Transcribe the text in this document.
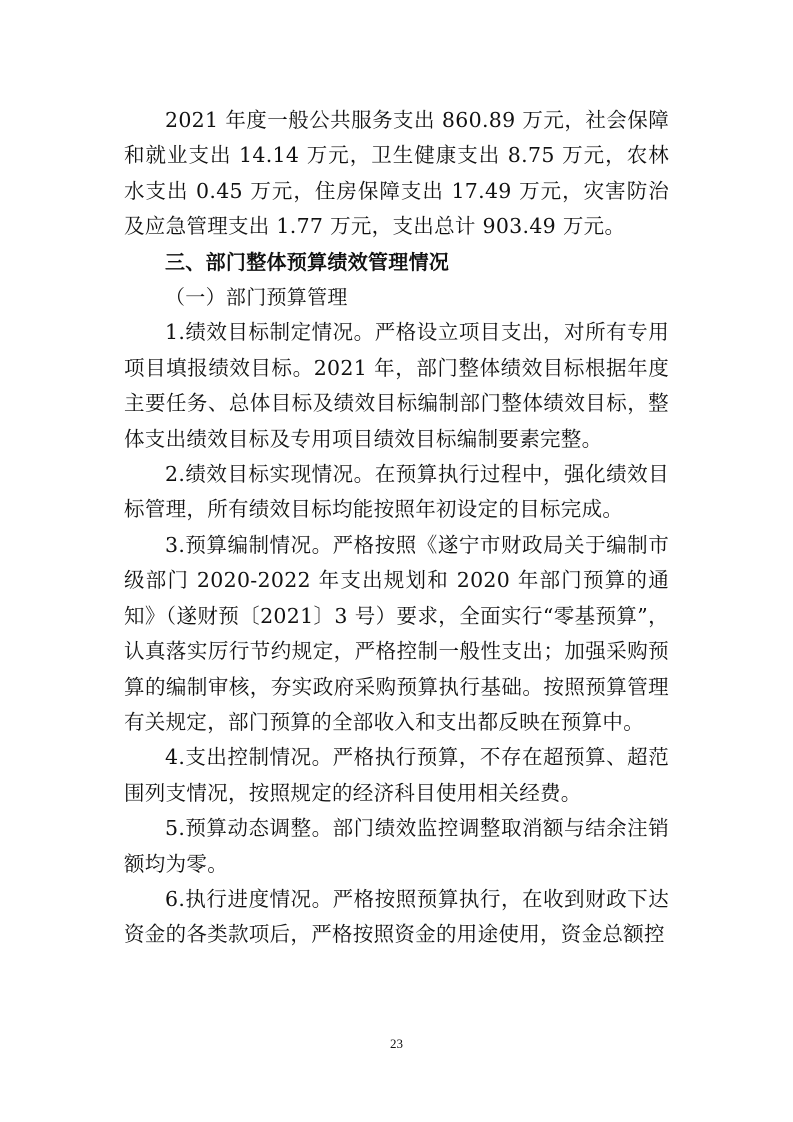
2021 年度一般公共服务支出 860.89 万元，社会保障和就业支出 14.14 万元，卫生健康支出 8.75 万元，农林水支出 0.45 万元，住房保障支出 17.49 万元，灾害防治及应急管理支出 1.77 万元，支出总计 903.49 万元。

三、部门整体预算绩效管理情况

（一）部门预算管理

1.绩效目标制定情况。严格设立项目支出，对所有专用项目填报绩效目标。2021 年，部门整体绩效目标根据年度主要任务、总体目标及绩效目标编制部门整体绩效目标，整体支出绩效目标及专用项目绩效目标编制要素完整。

2.绩效目标实现情况。在预算执行过程中，强化绩效目标管理，所有绩效目标均能按照年初设定的目标完成。

3.预算编制情况。严格按照《遂宁市财政局关于编制市级部门 2020-2022 年支出规划和 2020 年部门预算的通知》（遂财预〔2021〕3 号）要求，全面实行“零基预算”，认真落实厉行节约规定，严格控制一般性支出；加强采购预算的编制审核，夯实政府采购预算执行基础。按照预算管理有关规定，部门预算的全部收入和支出都反映在预算中。

4.支出控制情况。严格执行预算，不存在超预算、超范围列支情况，按照规定的经济科目使用相关经费。

5.预算动态调整。部门绩效监控调整取消额与结余注销额均为零。

6.执行进度情况。严格按照预算执行，在收到财政下达资金的各类款项后，严格按照资金的用途使用，资金总额控

23
